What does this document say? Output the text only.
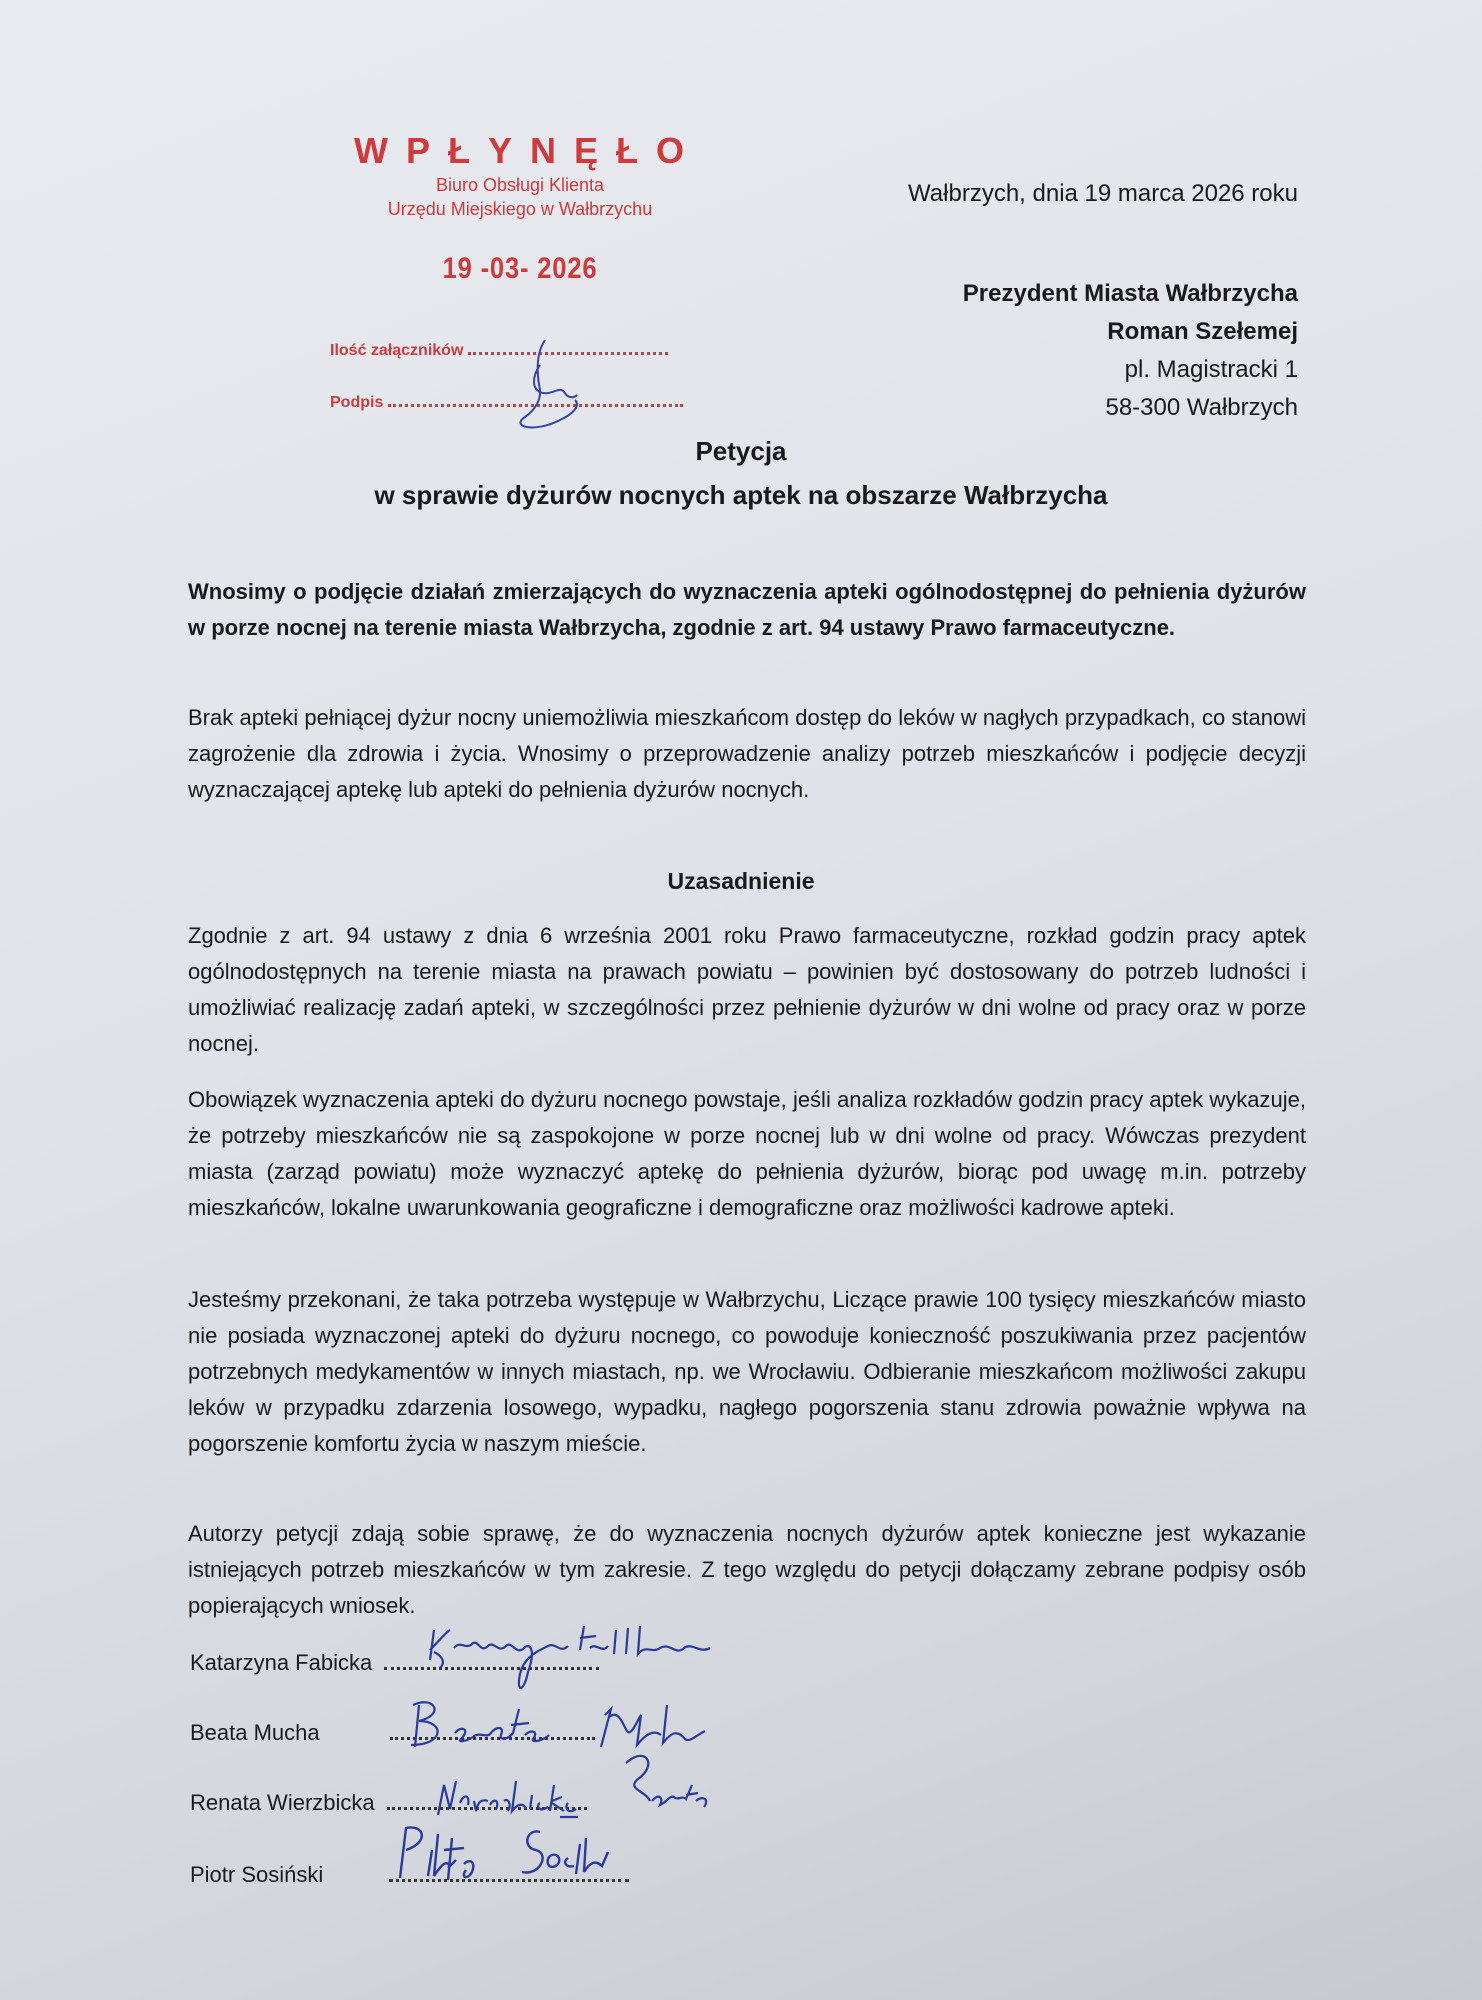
WPŁYNĘŁO
Biuro Obsługi Klienta
Urzędu Miejskiego w Wałbrzychu
19 -03- 2026
Ilość załączników
Podpis
Wałbrzych, dnia 19 marca 2026 roku
Prezydent Miasta Wałbrzycha
Roman Szełemej
pl. Magistracki 1
58-300 Wałbrzych
Petycja
w sprawie dyżurów nocnych aptek na obszarze Wałbrzycha
Wnosimy o podjęcie działań zmierzających do wyznaczenia apteki ogólnodostępnej do pełnienia dyżurów w porze nocnej na terenie miasta Wałbrzycha, zgodnie z art. 94 ustawy Prawo farmaceutyczne.
Brak apteki pełniącej dyżur nocny uniemożliwia mieszkańcom dostęp do leków w nagłych przypadkach, co stanowi zagrożenie dla zdrowia i życia. Wnosimy o przeprowadzenie analizy potrzeb mieszkańców i podjęcie decyzji wyznaczającej aptekę lub apteki do pełnienia dyżurów nocnych.
Uzasadnienie
Zgodnie z art. 94 ustawy z dnia 6 września 2001 roku Prawo farmaceutyczne, rozkład godzin pracy aptek ogólnodostępnych na terenie miasta na prawach powiatu – powinien być dostosowany do potrzeb ludności i umożliwiać realizację zadań apteki, w szczególności przez pełnienie dyżurów w dni wolne od pracy oraz w porze nocnej.
Obowiązek wyznaczenia apteki do dyżuru nocnego powstaje, jeśli analiza rozkładów godzin pracy aptek wykazuje, że potrzeby mieszkańców nie są zaspokojone w porze nocnej lub w dni wolne od pracy. Wówczas prezydent miasta (zarząd powiatu) może wyznaczyć aptekę do pełnienia dyżurów, biorąc pod uwagę m.in. potrzeby mieszkańców, lokalne uwarunkowania geograficzne i demograficzne oraz możliwości kadrowe apteki.
Jesteśmy przekonani, że taka potrzeba występuje w Wałbrzychu, Liczące prawie 100 tysięcy mieszkańców miasto nie posiada wyznaczonej apteki do dyżuru nocnego, co powoduje konieczność poszukiwania przez pacjentów potrzebnych medykamentów w innych miastach, np. we Wrocławiu. Odbieranie mieszkańcom możliwości zakupu leków w przypadku zdarzenia losowego, wypadku, nagłego pogorszenia stanu zdrowia poważnie wpływa na pogorszenie komfortu życia w naszym mieście.
Autorzy petycji zdają sobie sprawę, że do wyznaczenia nocnych dyżurów aptek konieczne jest wykazanie istniejących potrzeb mieszkańców w tym zakresie. Z tego względu do petycji dołączamy zebrane podpisy osób popierających wniosek.
Katarzyna Fabicka
Beata Mucha
Renata Wierzbicka
Piotr Sosiński
